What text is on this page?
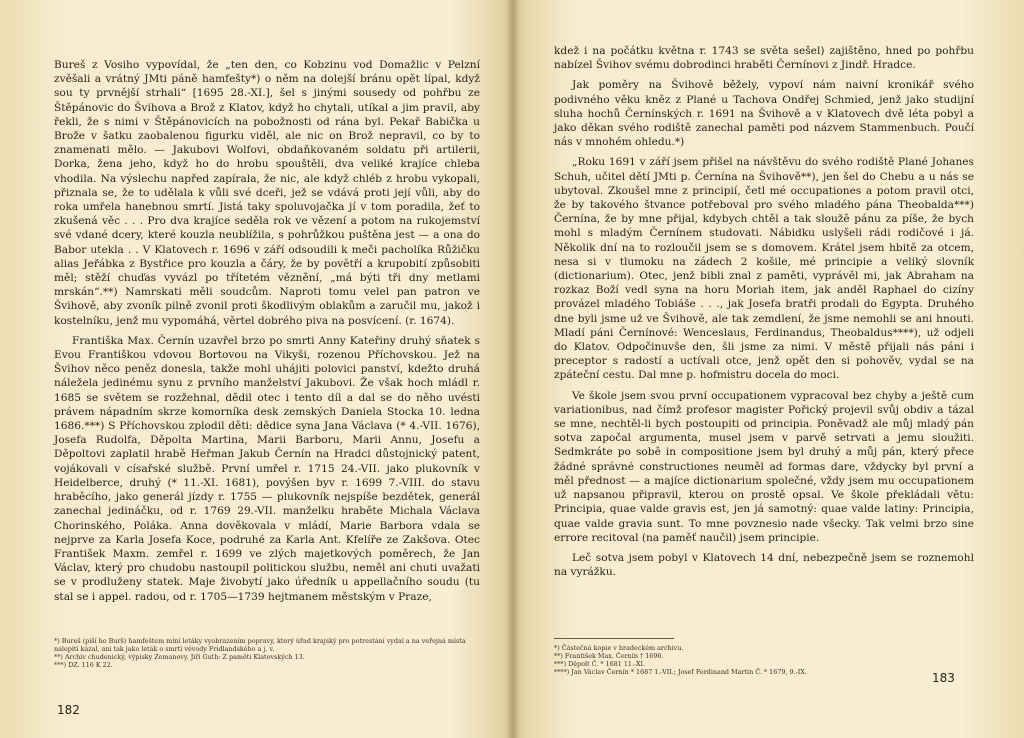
Bureš z Vosiho vypovídal, že „ten den, co Kobzinu vod Domažlic v Pelzní zvěšali a vrátný JMti páně hamfešty*) o něm na dolejší bránu opět lípal, když sou ty prvnější strhali“ [1695 28.-XI.], šel s jinými sousedy od pohřbu ze Štěpánovic do Švihova a Brož z Klatov, když ho chytali, utíkal a jim pravil, aby řekli, že s nimi v Štěpánovicích na pobožnosti od rána byl. Pekař Babička u Brože v šatku zaobalenou figurku viděl, ale nic on Brož nepravil, co by to znamenati mělo. — Jakubovi Wolfovi, obdaňkovaném soldatu při artilerii, Dorka, žena jeho, když ho do hrobu spouštěli, dva veliké krajíce chleba vhodila. Na výslechu napřed zapírala, že nic, ale když chléb z hrobu vykopali, přiznala se, že to udělala k vůli své dceři, jež se vdává proti její vůli, aby do roka umřela hanebnou smrtí. Jistá taky spoluvojačka jí v tom poradila, žeť to zkušená věc . . . Pro dva krajíce seděla rok ve vězení a potom na rukojemství své vdané dcery, které kouzla neublížila, s pohrůžkou puštěna jest — a ona do Babor utekla . . V Klatovech r. 1696 v září odsoudili k meči pacholíka Růžičku alias Jeřábka z Bystřice pro kouzla a čáry, že by povětří a krupobití způsobiti měl; stěží chuďas vyvázl po třítetém věznění, „má býti tři dny metlami mrskán“.**) Namrskati měli soudcům. Naproti tomu velel pan patron ve Švihově, aby zvoník pilně zvonil proti škodlivým oblakům a zaručil mu, jakož i kostelníku, jenž mu vypomáhá, věrtel dobrého piva na posvícení. (r. 1674).

Františka Max. Černín uzavřel brzo po smrti Anny Kateřiny druhý sňatek s Evou Františkou vdovou Bortovou na Vikyši, rozenou Příchovskou. Jež na Švihov něco peněz donesla, takže mohl uhájiti polovici panství, kdežto druhá náležela jedinému synu z prvního manželství Jakubovi. Že však hoch mládl r. 1685 se světem se rozžehnal, dědil otec i tento díl a dal se do něho uvésti právem nápadním skrze komorníka desk zemských Daniela Stocka 10. ledna 1686.***) S Příchovskou zplodil děti: dědice syna Jana Václava (* 4.-VII. 1676), Josefa Rudolfa, Děpolta Martina, Marii Barboru, Marii Annu, Josefu a Děpoltovi zaplatil hrabě Heřman Jakub Černín na Hradci důstojnický patent, vojákovali v císařské službě. První umřel r. 1715 24.-VII. jako plukovník v Heidelberce, druhý (* 11.-XI. 1681), povýšen byv r. 1699 7.-VIII. do stavu hraběcího, jako generál jízdy r. 1755 — plukovník nejspíše bezdětek, generál zanechal jedináčku, od r. 1769 29.-VII. manželku hraběte Michala Václava Chorinského, Poláka. Anna dověkovala v mládí, Marie Barbora vdala se nejprve za Karla Josefa Koce, podruhé za Karla Ant. Kfelíře ze Zakšova. Otec František Maxm. zemřel r. 1699 ve zlých majetkových poměrech, že Jan Václav, který pro chudobu nastoupil politickou službu, neměl ani chuti uvažati se v prodluženy statek. Maje živobytí jako úředník u appellačního soudu (tu stal se i appel. radou, od r. 1705—1739 hejtmanem městským v Praze,

*) Bureš (píší ho Burš) hamfeštem míní letáky vyobrazením popravy, který úřad krajský pro potrestání vydal a na veřejná místa nalepiti kázal, ani tak jako leták o smrti vévody Fridlandského a j. v.

**) Archiv chudenický, výpisky Zemanovy. Jiří Guth: Z paměti Klatovských 13.

***) DZ. 116 K 22.

182

kdež i na počátku května r. 1743 se světa sešel) zajištěno, hned po pohřbu nabízel Švihov svému dobrodinci hraběti Černínovi z Jindř. Hradce.

Jak poměry na Švihově běžely, vypoví nám naivní kronikář svého podivného věku kněz z Plané u Tachova Ondřej Schmied, jenž jako studijní sluha hochů Černínských r. 1691 na Švihově a v Klatovech dvě léta pobyl a jako děkan svého rodiště zanechal paměti pod názvem Stammenbuch. Poučí nás v mnohém ohledu.*)

„Roku 1691 v září jsem přišel na návštěvu do svého rodiště Plané Johanes Schuh, učitel dětí JMti p. Černína na Švihově**), jen šel do Chebu a u nás se ubytoval. Zkoušel mne z principií, četl mé occupationes a potom pravil otci, že by takového štvance potřeboval pro svého mladého pána Theobalda***) Černína, že by mne přijal, kdybych chtěl a tak sloužě pánu za píše, že bych mohl s mladým Černínem studovati. Nábidku uslyšeli rádi rodičové i já. Několik dní na to rozloučil jsem se s domovem. Krátel jsem hbitě za otcem, nesa si v tlumoku na zádech 2 košile, mé principie a veliký slovník (dictionarium). Otec, jenž bibli znal z paměti, vyprávěl mi, jak Abraham na rozkaz Boží vedl syna na horu Moriah item, jak anděl Raphael do cizíny provázel mladého Tobiáše . . ., jak Josefa bratři prodali do Egypta. Druhého dne byli jsme už ve Švihově, ale tak zemdlení, že jsme nemohli se ani hnouti. Mladí páni Černínové: Wenceslaus, Ferdinandus, Theobaldus****), už odjeli do Klatov. Odpočinuvše den, šli jsme za nimi. V městě přijali nás páni i preceptor s radostí a uctívali otce, jenž opět den si pohověv, vydal se na zpáteční cestu. Dal mne p. hofmistru docela do moci.

Ve škole jsem svou první occupationem vypracoval bez chyby a ještě cum variationibus, nad čímž profesor magister Pořický projevil svůj obdiv a tázal se mne, nechtěl-li bych postoupiti od principia. Poněvadž ale můj mladý pán sotva započal argumenta, musel jsem v parvě setrvati a jemu sloužiti. Sedmkráte po sobě in compositione jsem byl druhý a můj pán, který přece žádné správné constructiones neuměl ad formas dare, vždycky byl první a měl přednost — a majíce dictionarium společné, vždy jsem mu occupationem už napsanou připravil, kterou on prostě opsal. Ve škole překládali větu: Principia, quae valde gravis est, jen já samotný: quae valde latiny: Principia, quae valde gravia sunt. To mne povznesio nade všecky. Tak velmi brzo sine errore recitoval (na paměť naučil) jsem principie.

Leč sotva jsem pobyl v Klatovech 14 dní, nebezpečně jsem se roznemohl na vyrážku.

*) Částečná kopie v hradeckém archivu.

**) František Max. Černín † 1696.

***) Děpolt Č. * 1681 11.-XI.

****) Jan Václav Černín * 1687 1.-VII.; Josef Ferdinand Martin Č. * 1679, 9.-IX.	183
